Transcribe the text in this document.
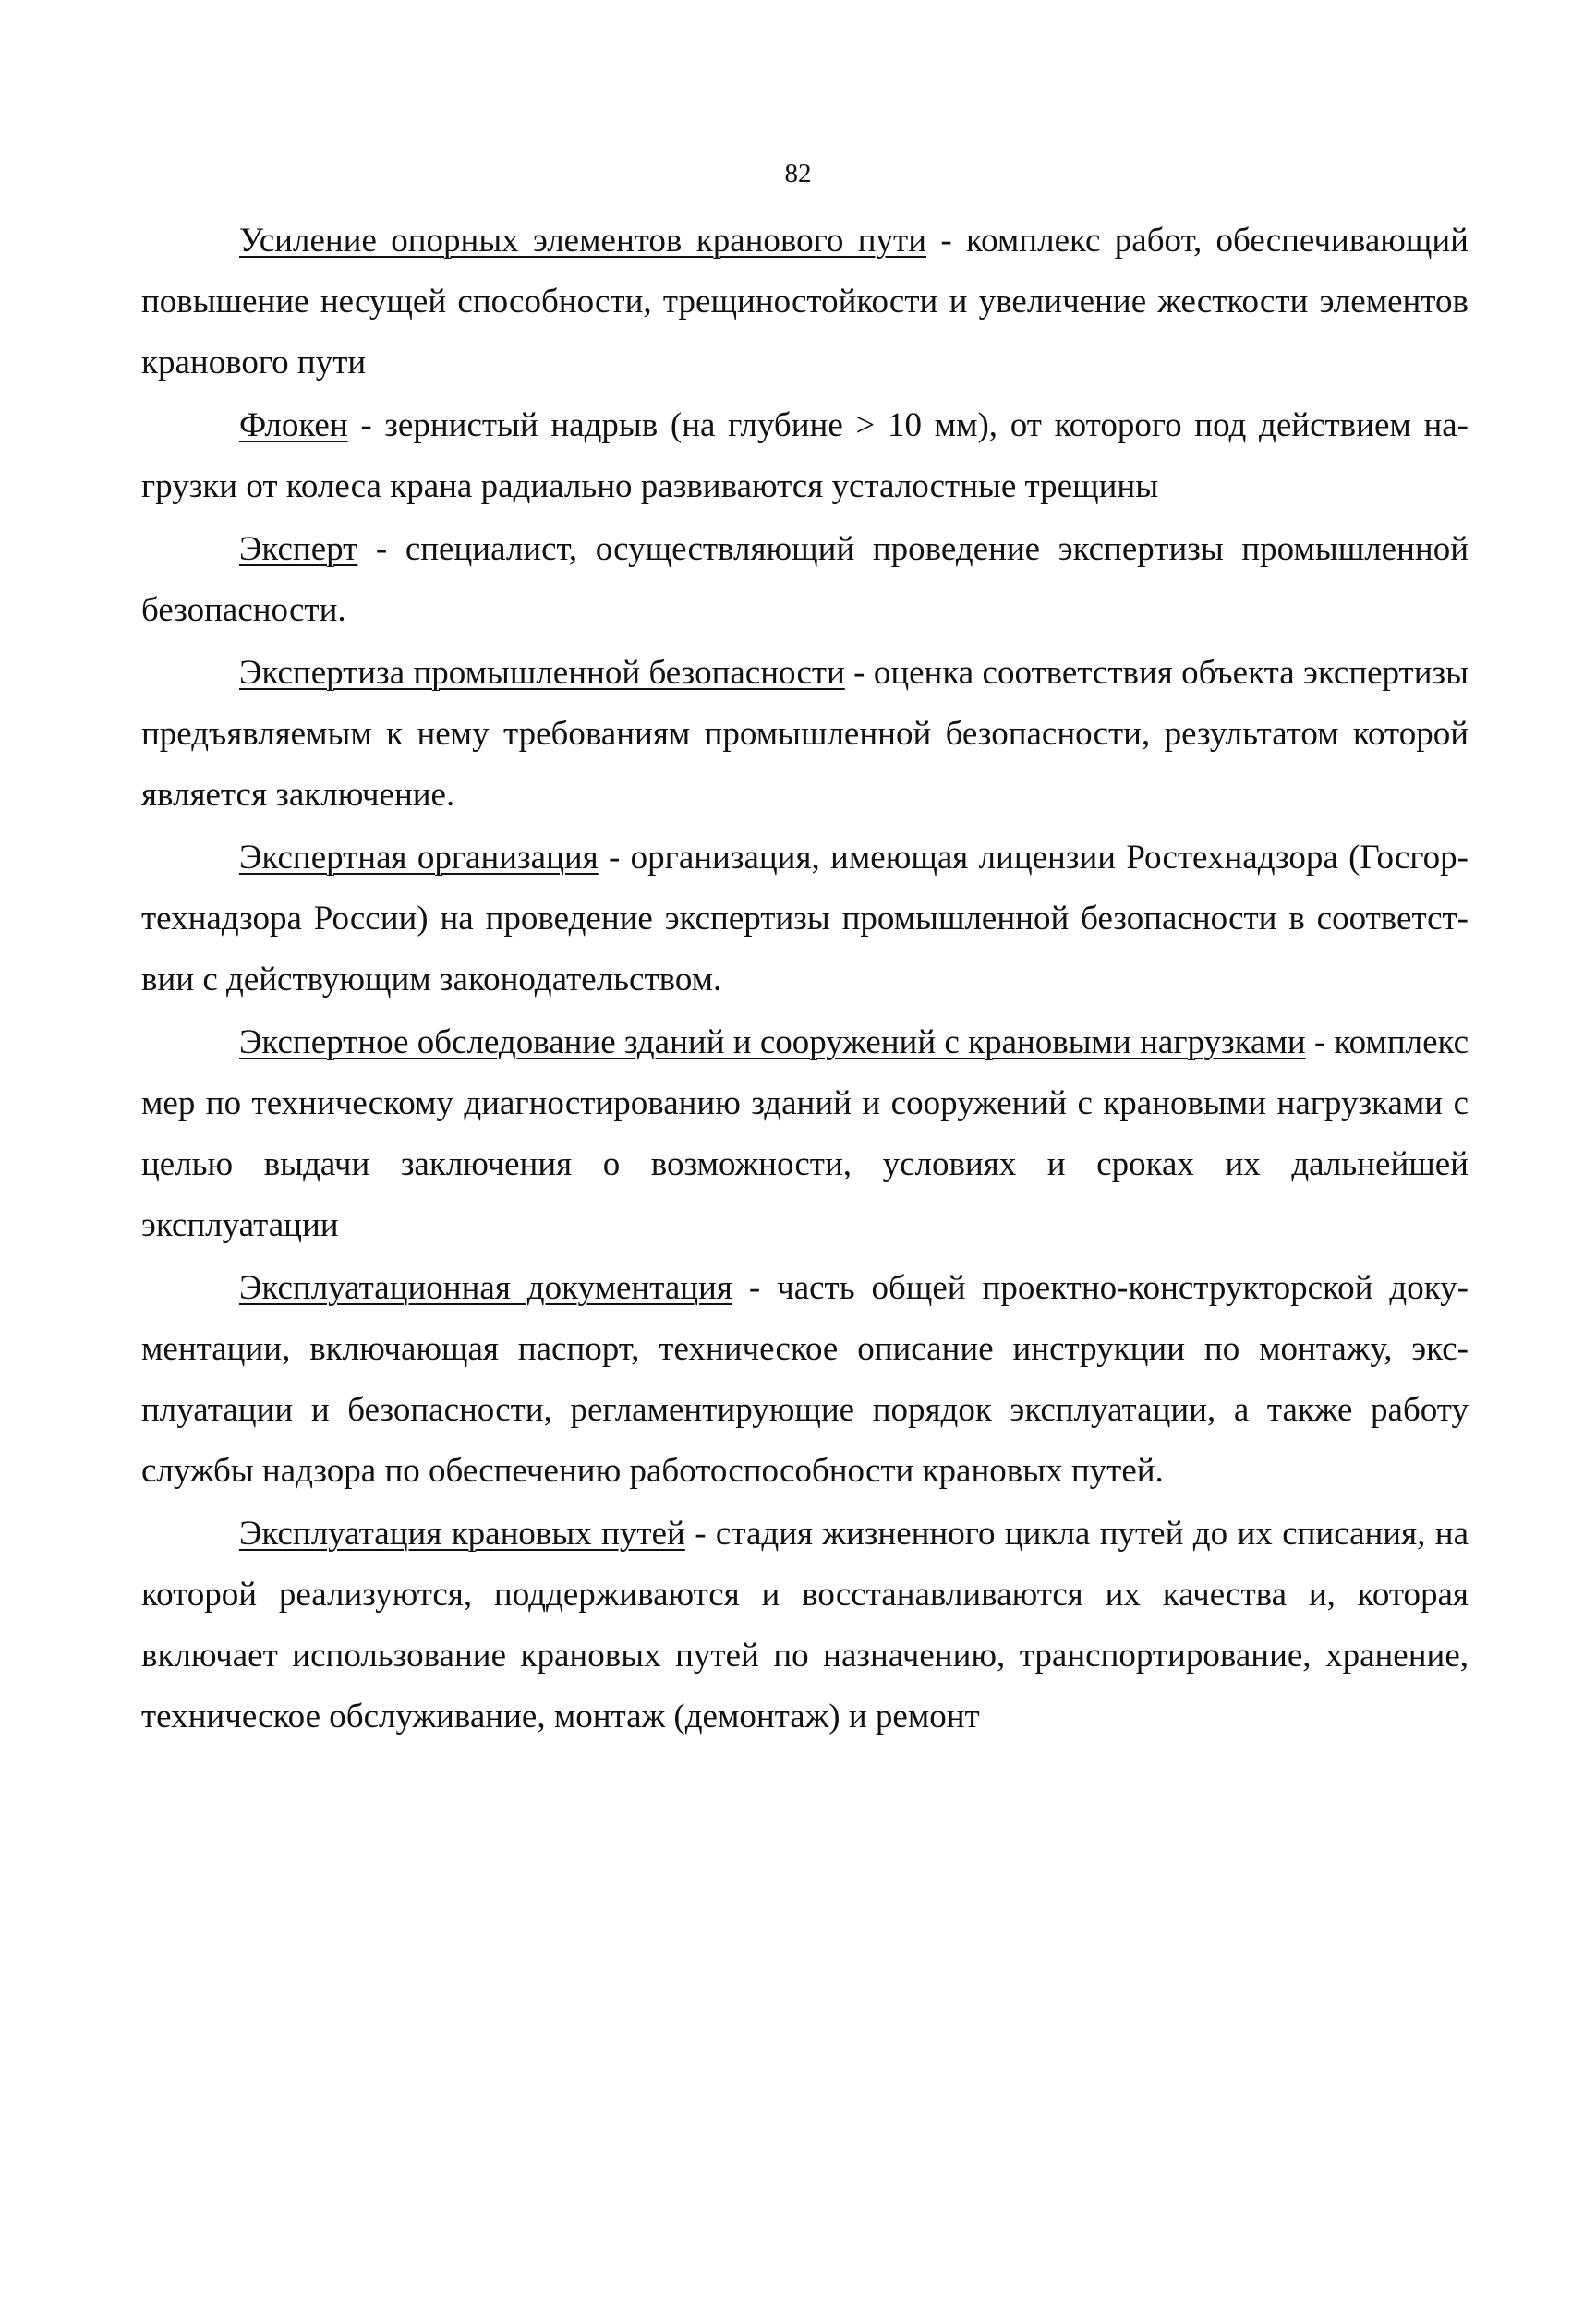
82

Усиление опорных элементов кранового пути - комплекс работ, обеспечивающий повышение несущей способности, трещиностойкости и увеличение жесткости элементов кранового пути

Флокен - зернистый надрыв (на глубине > 10 мм), от которого под действием нагрузки от колеса крана радиально развиваются усталостные трещины

Эксперт - специалист, осуществляющий проведение экспертизы промышленной безопасности.

Экспертиза промышленной безопасности - оценка соответствия объекта экспертизы предъявляемым к нему требованиям промышленной безопасности, результатом которой является заключение.

Экспертная организация - организация, имеющая лицензии Ростехнадзора (Госгортехнадзора России) на проведение экспертизы промышленной безопасности в соответствии с действующим законодательством.

Экспертное обследование зданий и сооружений с крановыми нагрузками - комплекс мер по техническому диагностированию зданий и сооружений с крановыми нагрузками с целью выдачи заключения о возможности, условиях и сроках их дальнейшей эксплуатации

Эксплуатационная документация - часть общей проектно-конструкторской документации, включающая паспорт, техническое описание инструкции по монтажу, эксплуатации и безопасности, регламентирующие порядок эксплуатации, а также работу службы надзора по обеспечению работоспособности крановых путей.

Эксплуатация крановых путей - стадия жизненного цикла путей до их списания, на которой реализуются, поддерживаются и восстанавливаются их качества и, которая включает использование крановых путей по назначению, транспортирование, хранение, техническое обслуживание, монтаж (демонтаж) и ремонт
